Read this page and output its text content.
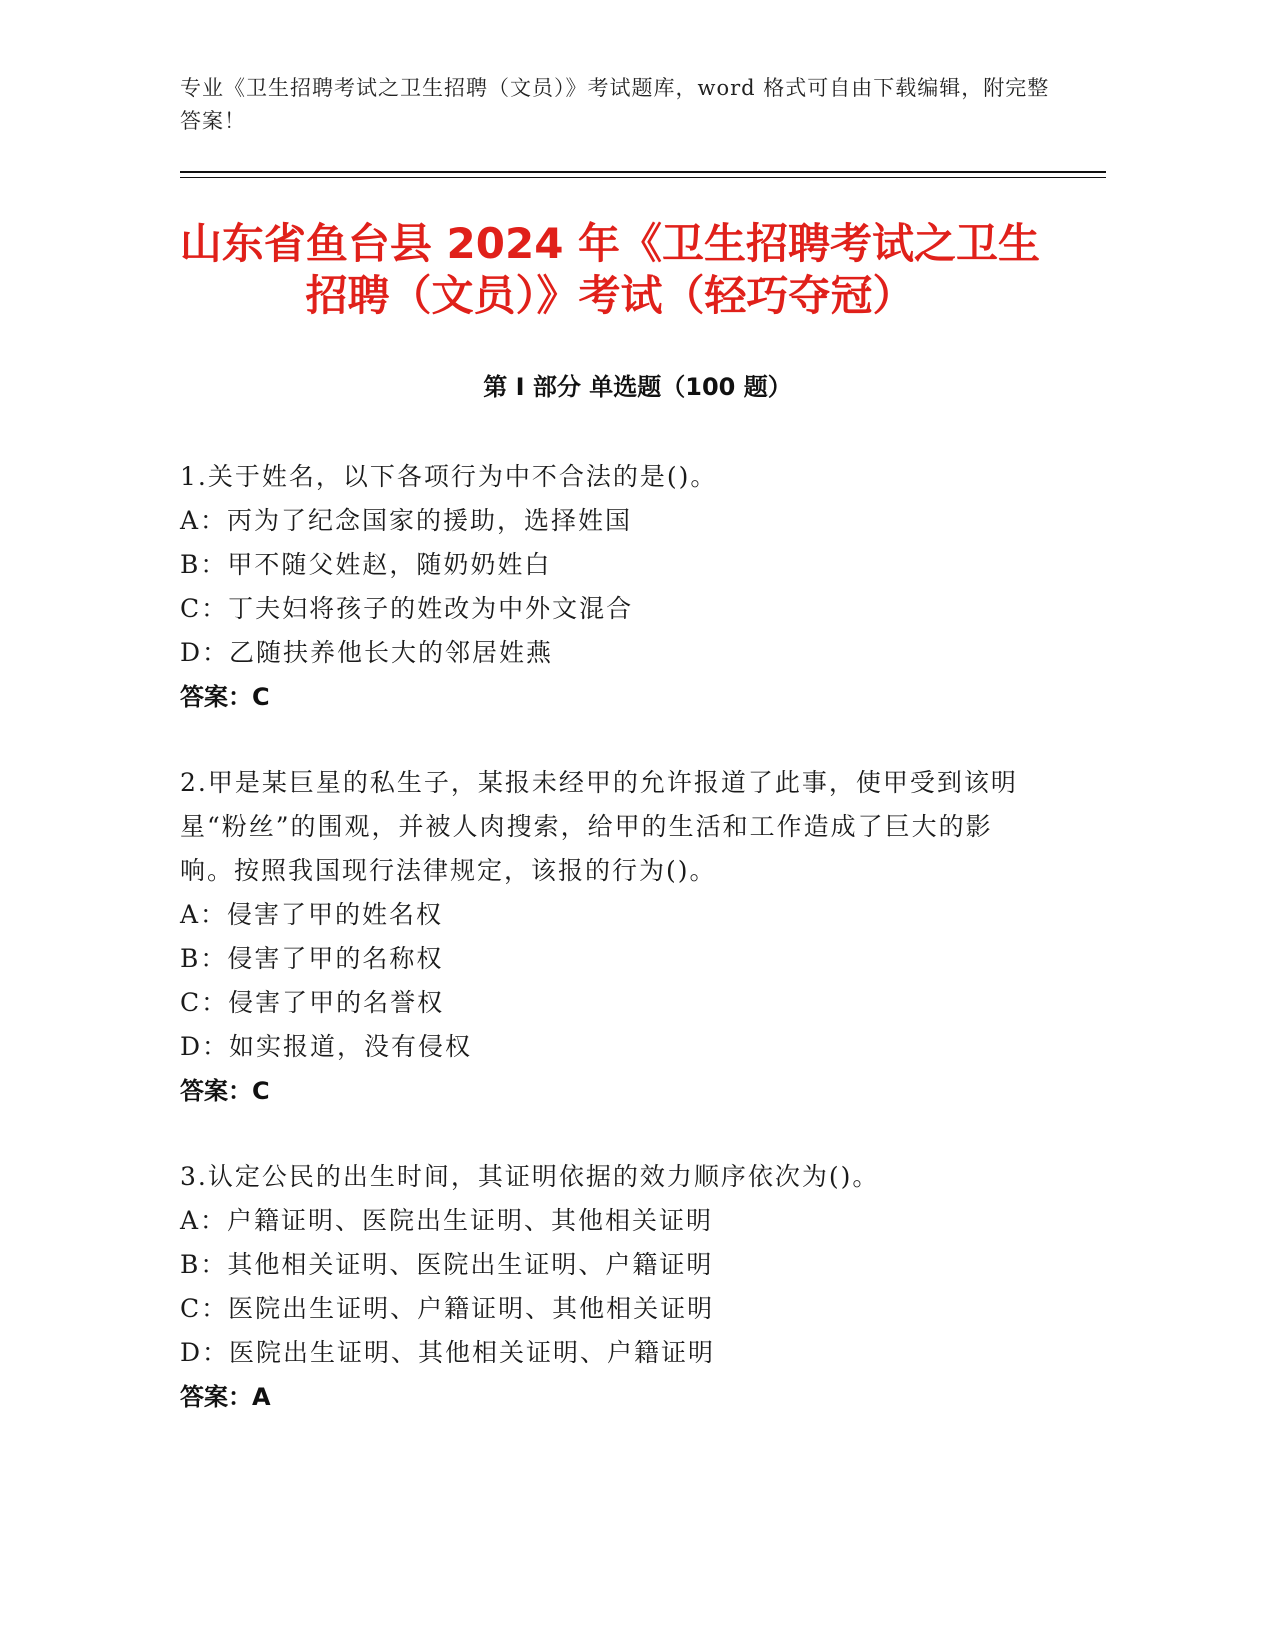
专业《卫生招聘考试之卫生招聘（文员）》考试题库，word 格式可自由下载编辑，附完整答案！
山东省鱼台县 2024 年《卫生招聘考试之卫生招聘（文员）》考试（轻巧夺冠）
第 I 部分 单选题（100 题）
1.关于姓名，以下各项行为中不合法的是()。
A：丙为了纪念国家的援助，选择姓国
B：甲不随父姓赵，随奶奶姓白
C：丁夫妇将孩子的姓改为中外文混合
D：乙随扶养他长大的邻居姓燕
答案：C
2.甲是某巨星的私生子，某报未经甲的允许报道了此事，使甲受到该明星“粉丝”的围观，并被人肉搜索，给甲的生活和工作造成了巨大的影响。按照我国现行法律规定，该报的行为()。
A：侵害了甲的姓名权
B：侵害了甲的名称权
C：侵害了甲的名誉权
D：如实报道，没有侵权
答案：C
3.认定公民的出生时间，其证明依据的效力顺序依次为()。
A：户籍证明、医院出生证明、其他相关证明
B：其他相关证明、医院出生证明、户籍证明
C：医院出生证明、户籍证明、其他相关证明
D：医院出生证明、其他相关证明、户籍证明
答案：A
